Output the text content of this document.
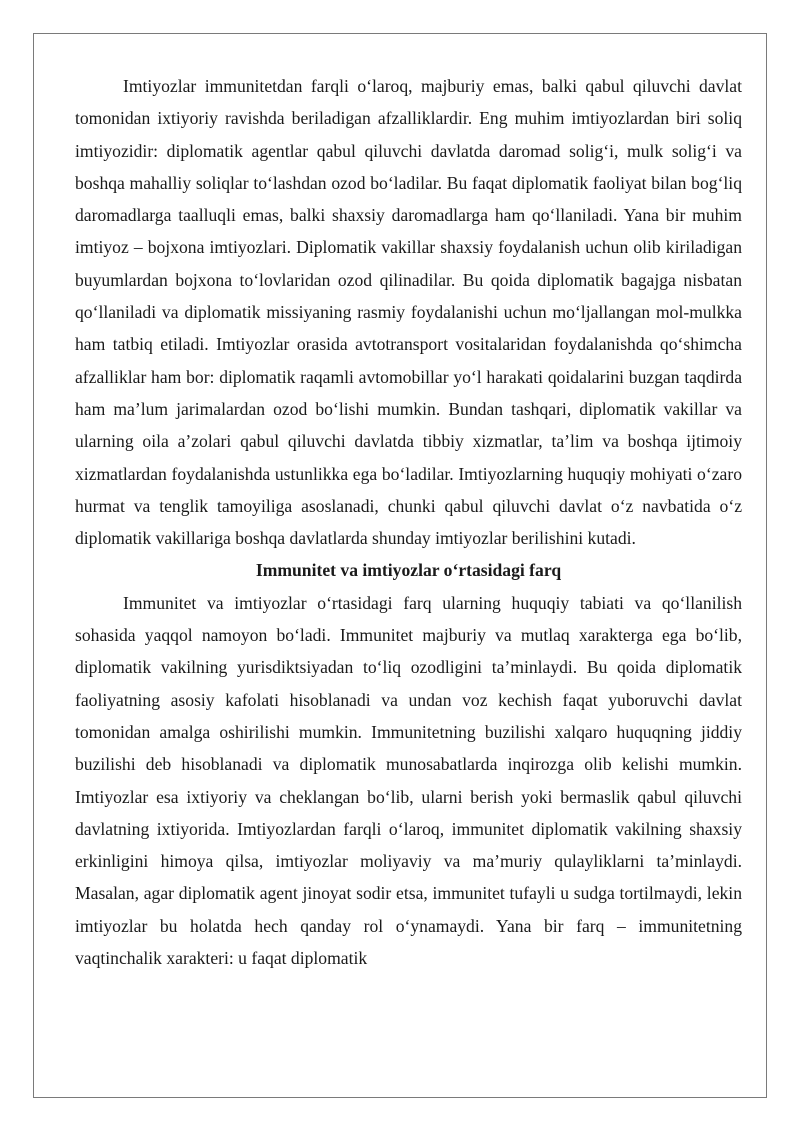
Imtiyozlar immunitetdan farqli o‘laroq, majburiy emas, balki qabul qiluvchi davlat tomonidan ixtiyoriy ravishda beriladigan afzalliklardir. Eng muhim imtiyozlardan biri soliq imtiyozidir: diplomatik agentlar qabul qiluvchi davlatda daromad solig‘i, mulk solig‘i va boshqa mahalliy soliqlar to‘lashdan ozod bo‘ladilar. Bu faqat diplomatik faoliyat bilan bog‘liq daromadlarga taalluqli emas, balki shaxsiy daromadlarga ham qo‘llaniladi. Yana bir muhim imtiyoz – bojxona imtiyozlari. Diplomatik vakillar shaxsiy foydalanish uchun olib kiriladigan buyumlardan bojxona to‘lovlaridan ozod qilinadilar. Bu qoida diplomatik bagajga nisbatan qo‘llaniladi va diplomatik missiyaning rasmiy foydalanishi uchun mo‘ljallangan mol-mulkka ham tatbiq etiladi. Imtiyozlar orasida avtotransport vositalaridan foydalanishda qo‘shimcha afzalliklar ham bor: diplomatik raqamli avtomobillar yo‘l harakati qoidalarini buzgan taqdirda ham ma’lum jarimalardan ozod bo‘lishi mumkin. Bundan tashqari, diplomatik vakillar va ularning oila a’zolari qabul qiluvchi davlatda tibbiy xizmatlar, ta’lim va boshqa ijtimoiy xizmatlardan foydalanishda ustunlikka ega bo‘ladilar. Imtiyozlarning huquqiy mohiyati o‘zaro hurmat va tenglik tamoyiliga asoslanadi, chunki qabul qiluvchi davlat o‘z navbatida o‘z diplomatik vakillariga boshqa davlatlarda shunday imtiyozlar berilishini kutadi.

Immunitet va imtiyozlar o‘rtasidagi farq

Immunitet va imtiyozlar o‘rtasidagi farq ularning huquqiy tabiati va qo‘llanilish sohasida yaqqol namoyon bo‘ladi. Immunitet majburiy va mutlaq xarakterga ega bo‘lib, diplomatik vakilning yurisdiktsiyadan to‘liq ozodligini ta’minlaydi. Bu qoida diplomatik faoliyatning asosiy kafolati hisoblanadi va undan voz kechish faqat yuboruvchi davlat tomonidan amalga oshirilishi mumkin. Immunitetning buzilishi xalqaro huquqning jiddiy buzilishi deb hisoblanadi va diplomatik munosabatlarda inqirozga olib kelishi mumkin. Imtiyozlar esa ixtiyoriy va cheklangan bo‘lib, ularni berish yoki bermaslik qabul qiluvchi davlatning ixtiyorida. Imtiyozlardan farqli o‘laroq, immunitet diplomatik vakilning shaxsiy erkinligini himoya qilsa, imtiyozlar moliyaviy va ma’muriy qulayliklarni ta’minlaydi. Masalan, agar diplomatik agent jinoyat sodir etsa, immunitet tufayli u sudga tortilmaydi, lekin imtiyozlar bu holatda hech qanday rol o‘ynamaydi. Yana bir farq – immunitetning vaqtinchalik xarakteri: u faqat diplomatik
